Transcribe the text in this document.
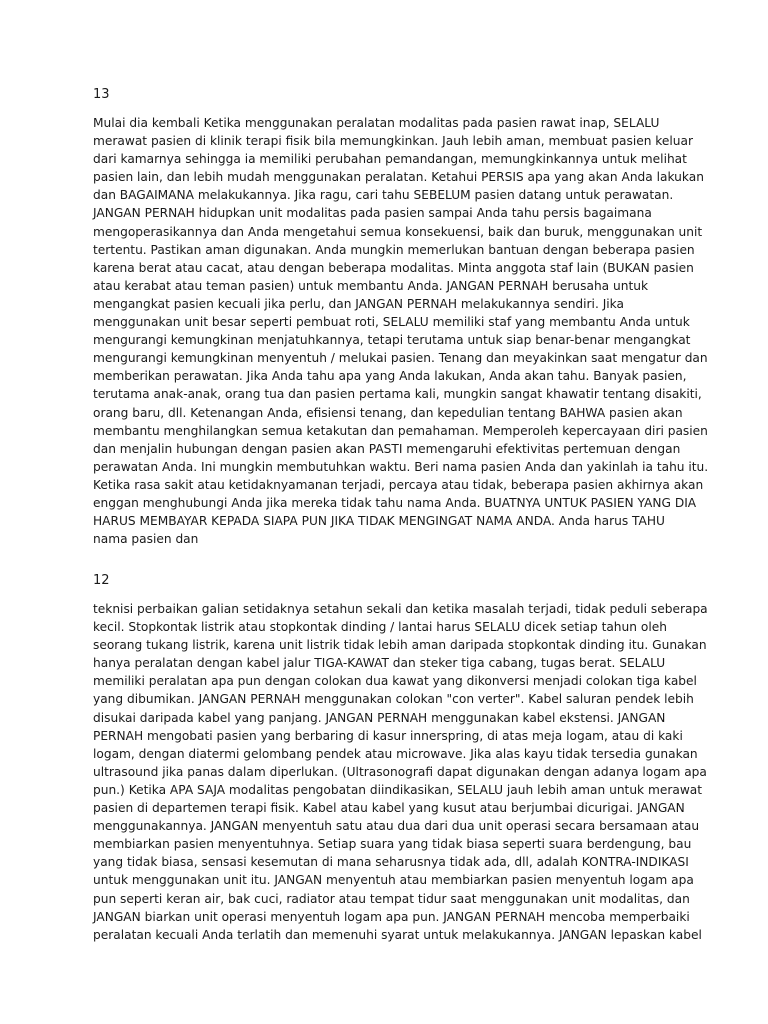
13

Mulai dia kembali Ketika menggunakan peralatan modalitas pada pasien rawat inap, SELALU
merawat pasien di klinik terapi fisik bila memungkinkan. Jauh lebih aman, membuat pasien keluar
dari kamarnya sehingga ia memiliki perubahan pemandangan, memungkinkannya untuk melihat
pasien lain, dan lebih mudah menggunakan peralatan. Ketahui PERSIS apa yang akan Anda lakukan
dan BAGAIMANA melakukannya. Jika ragu, cari tahu SEBELUM pasien datang untuk perawatan.
JANGAN PERNAH hidupkan unit modalitas pada pasien sampai Anda tahu persis bagaimana
mengoperasikannya dan Anda mengetahui semua konsekuensi, baik dan buruk, menggunakan unit
tertentu. Pastikan aman digunakan. Anda mungkin memerlukan bantuan dengan beberapa pasien
karena berat atau cacat, atau dengan beberapa modalitas. Minta anggota staf lain (BUKAN pasien
atau kerabat atau teman pasien) untuk membantu Anda. JANGAN PERNAH berusaha untuk
mengangkat pasien kecuali jika perlu, dan JANGAN PERNAH melakukannya sendiri. Jika
menggunakan unit besar seperti pembuat roti, SELALU memiliki staf yang membantu Anda untuk
mengurangi kemungkinan menjatuhkannya, tetapi terutama untuk siap benar-benar mengangkat
mengurangi kemungkinan menyentuh / melukai pasien. Tenang dan meyakinkan saat mengatur dan
memberikan perawatan. Jika Anda tahu apa yang Anda lakukan, Anda akan tahu. Banyak pasien,
terutama anak-anak, orang tua dan pasien pertama kali, mungkin sangat khawatir tentang disakiti,
orang baru, dll. Ketenangan Anda, efisiensi tenang, dan kepedulian tentang BAHWA pasien akan
membantu menghilangkan semua ketakutan dan pemahaman. Memperoleh kepercayaan diri pasien
dan menjalin hubungan dengan pasien akan PASTI memengaruhi efektivitas pertemuan dengan
perawatan Anda. Ini mungkin membutuhkan waktu. Beri nama pasien Anda dan yakinlah ia tahu itu.
Ketika rasa sakit atau ketidaknyamanan terjadi, percaya atau tidak, beberapa pasien akhirnya akan
enggan menghubungi Anda jika mereka tidak tahu nama Anda. BUATNYA UNTUK PASIEN YANG DIA
HARUS MEMBAYAR KEPADA SIAPA PUN JIKA TIDAK MENGINGAT NAMA ANDA. Anda harus TAHU
nama pasien dan

12

teknisi perbaikan galian setidaknya setahun sekali dan ketika masalah terjadi, tidak peduli seberapa
kecil. Stopkontak listrik atau stopkontak dinding / lantai harus SELALU dicek setiap tahun oleh
seorang tukang listrik, karena unit listrik tidak lebih aman daripada stopkontak dinding itu. Gunakan
hanya peralatan dengan kabel jalur TIGA-KAWAT dan steker tiga cabang, tugas berat. SELALU
memiliki peralatan apa pun dengan colokan dua kawat yang dikonversi menjadi colokan tiga kabel
yang dibumikan. JANGAN PERNAH menggunakan colokan "con verter". Kabel saluran pendek lebih
disukai daripada kabel yang panjang. JANGAN PERNAH menggunakan kabel ekstensi. JANGAN
PERNAH mengobati pasien yang berbaring di kasur innerspring, di atas meja logam, atau di kaki
logam, dengan diatermi gelombang pendek atau microwave. Jika alas kayu tidak tersedia gunakan
ultrasound jika panas dalam diperlukan. (Ultrasonografi dapat digunakan dengan adanya logam apa
pun.) Ketika APA SAJA modalitas pengobatan diindikasikan, SELALU jauh lebih aman untuk merawat
pasien di departemen terapi fisik. Kabel atau kabel yang kusut atau berjumbai dicurigai. JANGAN
menggunakannya. JANGAN menyentuh satu atau dua dari dua unit operasi secara bersamaan atau
membiarkan pasien menyentuhnya. Setiap suara yang tidak biasa seperti suara berdengung, bau
yang tidak biasa, sensasi kesemutan di mana seharusnya tidak ada, dll, adalah KONTRA-INDIKASI
untuk menggunakan unit itu. JANGAN menyentuh atau membiarkan pasien menyentuh logam apa
pun seperti keran air, bak cuci, radiator atau tempat tidur saat menggunakan unit modalitas, dan
JANGAN biarkan unit operasi menyentuh logam apa pun. JANGAN PERNAH mencoba memperbaiki
peralatan kecuali Anda terlatih dan memenuhi syarat untuk melakukannya. JANGAN lepaskan kabel
